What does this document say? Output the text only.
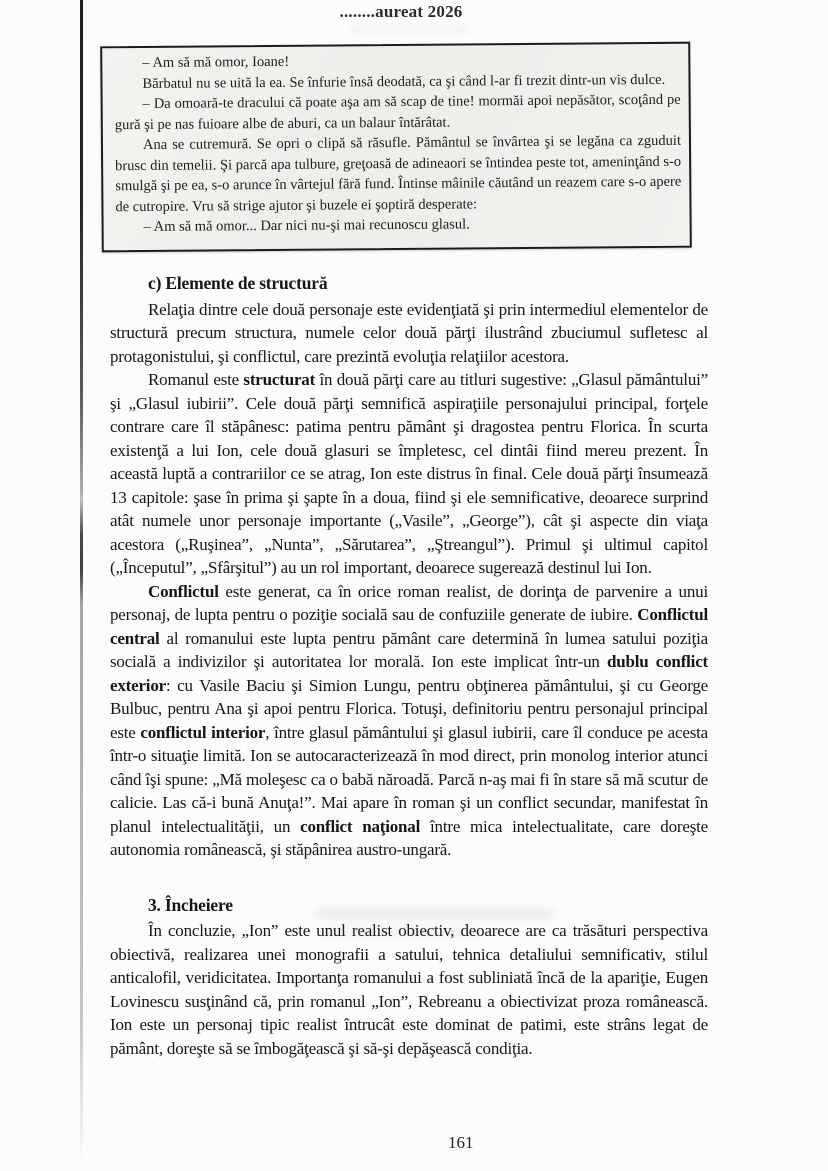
........aureat 2026

– Am să mă omor, Ioane!

Bărbatul nu se uită la ea. Se înfurie însă deodată, ca şi când l-ar fi trezit dintr-un vis dulce.

– Da omoară-te dracului că poate aşa am să scap de tine! mormăi apoi nepăsător, scoţând pe gură şi pe nas fuioare albe de aburi, ca un balaur întărâtat.

Ana se cutremură. Se opri o clipă să răsufle. Pământul se învârtea şi se legăna ca zguduit brusc din temelii. Şi parcă apa tulbure, greţoasă de adineaori se întindea peste tot, ameninţând s-o smulgă şi pe ea, s-o arunce în vârtejul fără fund. Întinse mâinile căutând un reazem care s-o apere de cutropire. Vru să strige ajutor şi buzele ei şoptiră desperate:

– Am să mă omor... Dar nici nu-şi mai recunoscu glasul.

c) Elemente de structură

Relaţia dintre cele două personaje este evidenţiată şi prin intermediul elementelor de structură precum structura, numele celor două părţi ilustrând zbuciumul sufletesc al protagonistului, şi conflictul, care prezintă evoluţia relaţiilor acestora.

Romanul este structurat în două părţi care au titluri sugestive: „Glasul pământului” şi „Glasul iubirii”. Cele două părţi semnifică aspiraţiile personajului principal, forţele contrare care îl stăpânesc: patima pentru pământ şi dragostea pentru Florica. În scurta existenţă a lui Ion, cele două glasuri se împletesc, cel dintâi fiind mereu prezent. În această luptă a contrariilor ce se atrag, Ion este distrus în final. Cele două părţi însumează 13 capitole: şase în prima şi şapte în a doua, fiind şi ele semnificative, deoarece surprind atât numele unor personaje importante („Vasile”, „George”), cât şi aspecte din viaţa acestora („Ruşinea”, „Nunta”, „Sărutarea”, „Ştreangul”). Primul şi ultimul capitol („Începutul”, „Sfârşitul”) au un rol important, deoarece sugerează destinul lui Ion.

Conflictul este generat, ca în orice roman realist, de dorinţa de parvenire a unui personaj, de lupta pentru o poziţie socială sau de confuziile generate de iubire. Conflictul central al romanului este lupta pentru pământ care determină în lumea satului poziţia socială a indivizilor şi autoritatea lor morală. Ion este implicat într-un dublu conflict exterior: cu Vasile Baciu şi Simion Lungu, pentru obţinerea pământului, şi cu George Bulbuc, pentru Ana şi apoi pentru Florica. Totuşi, definitoriu pentru personajul principal este conflictul interior, între glasul pământului şi glasul iubirii, care îl conduce pe acesta într-o situaţie limită. Ion se autocaracterizează în mod direct, prin monolog interior atunci când îşi spune: „Mă moleşesc ca o babă năroadă. Parcă n-aş mai fi în stare să mă scutur de calicie. Las că-i bună Anuţa!”. Mai apare în roman şi un conflict secundar, manifestat în planul intelectualităţii, un conflict naţional între mica intelectualitate, care doreşte autonomia românească, şi stăpânirea austro-ungară.

3. Încheiere

În concluzie, „Ion” este unul realist obiectiv, deoarece are ca trăsături perspectiva obiectivă, realizarea unei monografii a satului, tehnica detaliului semnificativ, stilul anticalofil, veridicitatea. Importanţa romanului a fost subliniată încă de la apariţie, Eugen Lovinescu susţinând că, prin romanul „Ion”, Rebreanu a obiectivizat proza românească. Ion este un personaj tipic realist întrucât este dominat de patimi, este strâns legat de pământ, doreşte să se îmbogăţească şi să-şi depăşească condiţia.

161
